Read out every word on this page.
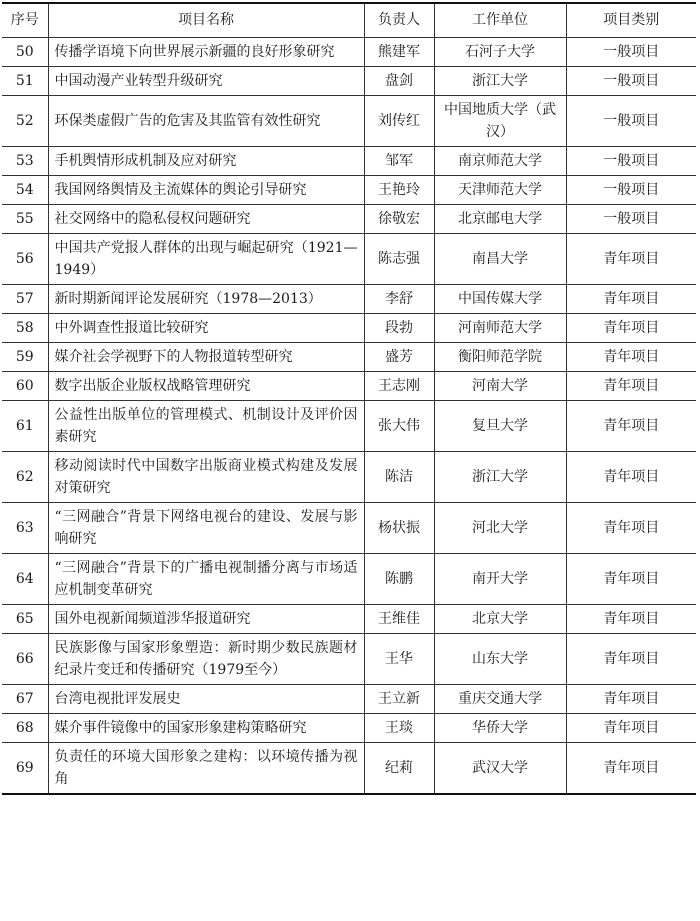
序号	项目名称	负责人	工作单位	项目类别
50	传播学语境下向世界展示新疆的良好形象研究	熊建军	石河子大学	一般项目
51	中国动漫产业转型升级研究	盘剑	浙江大学	一般项目
52	环保类虚假广告的危害及其监管有效性研究	刘传红	中国地质大学（武汉）	一般项目
53	手机舆情形成机制及应对研究	邹军	南京师范大学	一般项目
54	我国网络舆情及主流媒体的舆论引导研究	王艳玲	天津师范大学	一般项目
55	社交网络中的隐私侵权问题研究	徐敬宏	北京邮电大学	一般项目
56	中国共产党报人群体的出现与崛起研究（1921—1949）	陈志强	南昌大学	青年项目
57	新时期新闻评论发展研究（1978—2013）	李舒	中国传媒大学	青年项目
58	中外调查性报道比较研究	段勃	河南师范大学	青年项目
59	媒介社会学视野下的人物报道转型研究	盛芳	衡阳师范学院	青年项目
60	数字出版企业版权战略管理研究	王志刚	河南大学	青年项目
61	公益性出版单位的管理模式、机制设计及评价因素研究	张大伟	复旦大学	青年项目
62	移动阅读时代中国数字出版商业模式构建及发展对策研究	陈洁	浙江大学	青年项目
63	“三网融合”背景下网络电视台的建设、发展与影响研究	杨状振	河北大学	青年项目
64	“三网融合”背景下的广播电视制播分离与市场适应机制变革研究	陈鹏	南开大学	青年项目
65	国外电视新闻频道涉华报道研究	王维佳	北京大学	青年项目
66	民族影像与国家形象塑造：新时期少数民族题材纪录片变迁和传播研究（1979至今）	王华	山东大学	青年项目
67	台湾电视批评发展史	王立新	重庆交通大学	青年项目
68	媒介事件镜像中的国家形象建构策略研究	王琰	华侨大学	青年项目
69	负责任的环境大国形象之建构：以环境传播为视角	纪莉	武汉大学	青年项目
